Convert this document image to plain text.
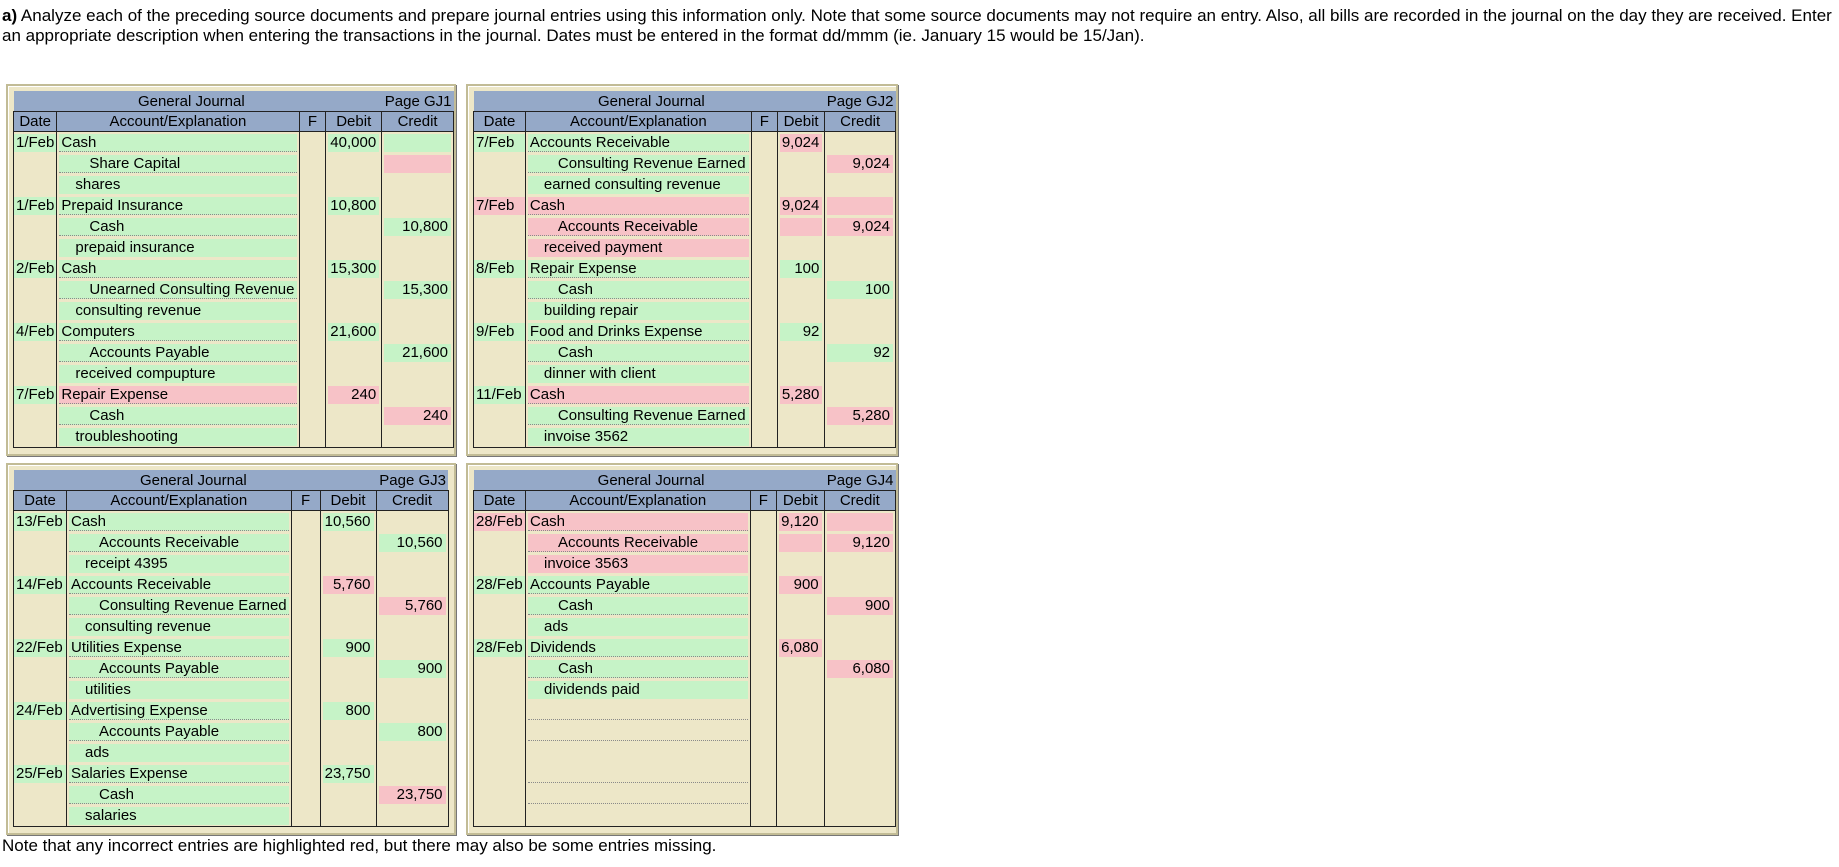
a) Analyze each of the preceding source documents and prepare journal entries using this information only. Note that some source documents may not require an entry. Also, all bills are recorded in the journal on the day they are received. Enter an appropriate description when entering the transactions in the journal. Dates must be entered in the format dd/mmm (ie. January 15 would be 15/Jan).
	General Journal		Page GJ1	
Date	Account/Explanation	F	Debit	Credit

1/Feb	Cash		40,000	

	Share Capital			

	shares			

1/Feb	Prepaid Insurance		10,800	

	Cash			10,800

	prepaid insurance			

2/Feb	Cash		15,300	

	Unearned Consulting Revenue			15,300

	consulting revenue			

4/Feb	Computers		21,600	

	Accounts Payable			21,600

	received compupture			

7/Feb	Repair Expense		240	

	Cash			240

	troubleshooting			

	General Journal		Page GJ2	
Date	Account/Explanation	F	Debit	Credit

7/Feb	Accounts Receivable		9,024	

	Consulting Revenue Earned			9,024

	earned consulting revenue			

7/Feb	Cash		9,024	

	Accounts Receivable			9,024

	received payment			

8/Feb	Repair Expense		100	

	Cash			100

	building repair			

9/Feb	Food and Drinks Expense		92	

	Cash			92

	dinner with client			

11/Feb	Cash		5,280	

	Consulting Revenue Earned			5,280

	invoise 3562			

	General Journal		Page GJ3	
Date	Account/Explanation	F	Debit	Credit

13/Feb	Cash		10,560	

	Accounts Receivable			10,560

	receipt 4395			

14/Feb	Accounts Receivable		5,760	

	Consulting Revenue Earned			5,760

	consulting revenue			

22/Feb	Utilities Expense		900	

	Accounts Payable			900

	utilities			

24/Feb	Advertising Expense		800	

	Accounts Payable			800

	ads			

25/Feb	Salaries Expense		23,750	

	Cash			23,750

	salaries			

	General Journal		Page GJ4	
Date	Account/Explanation	F	Debit	Credit

28/Feb	Cash		9,120	

	Accounts Receivable			9,120

	invoice 3563			

28/Feb	Accounts Payable		900	

	Cash			900

	ads			

28/Feb	Dividends		6,080	

	Cash			6,080

	dividends paid			

Note that any incorrect entries are highlighted red, but there may also be some entries missing.
